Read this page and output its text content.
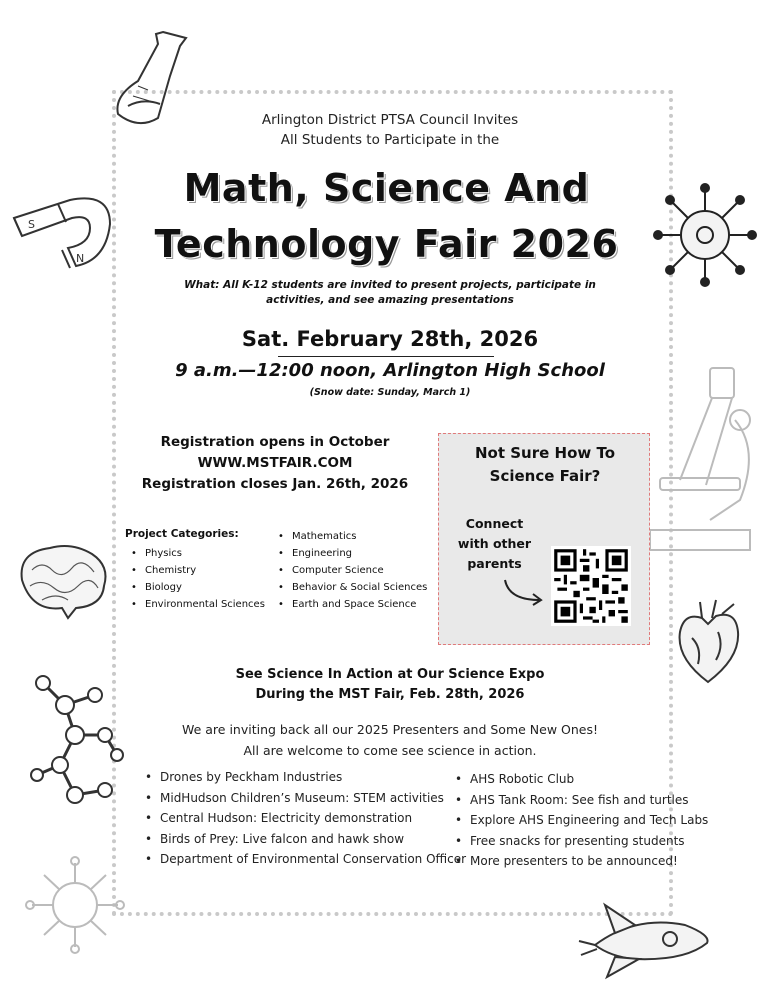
S
N
Arlington District PTSA Council Invites
All Students to Participate in the
Math, Science And
Technology Fair 2026
What: All K-12 students are invited to present projects, participate in activities, and see amazing presentations
Sat. February 28th, 2026
9 a.m.—12:00 noon, Arlington High School
(Snow date: Sunday, March 1)
Registration opens in October
WWW.MSTFAIR.COM
Registration closes Jan. 26th, 2026
Project Categories:
• Physics
• Chemistry
• Biology
• Environmental Sciences
• Mathematics
• Engineering
• Computer Science
• Behavior & Social Sciences
• Earth and Space Science
Not Sure How To
Science Fair?
Connect
with other
parents
See Science In Action at Our Science Expo
During the MST Fair, Feb. 28th, 2026
We are inviting back all our 2025 Presenters and Some New Ones!
All are welcome to come see science in action.
• Drones by Peckham Industries
• MidHudson Children’s Museum: STEM activities
• Central Hudson: Electricity demonstration
• Birds of Prey: Live falcon and hawk show
• Department of Environmental Conservation Officer
• AHS Robotic Club
• AHS Tank Room: See fish and turtles
• Explore AHS Engineering and Tech Labs
• Free snacks for presenting students
• More presenters to be announced!
